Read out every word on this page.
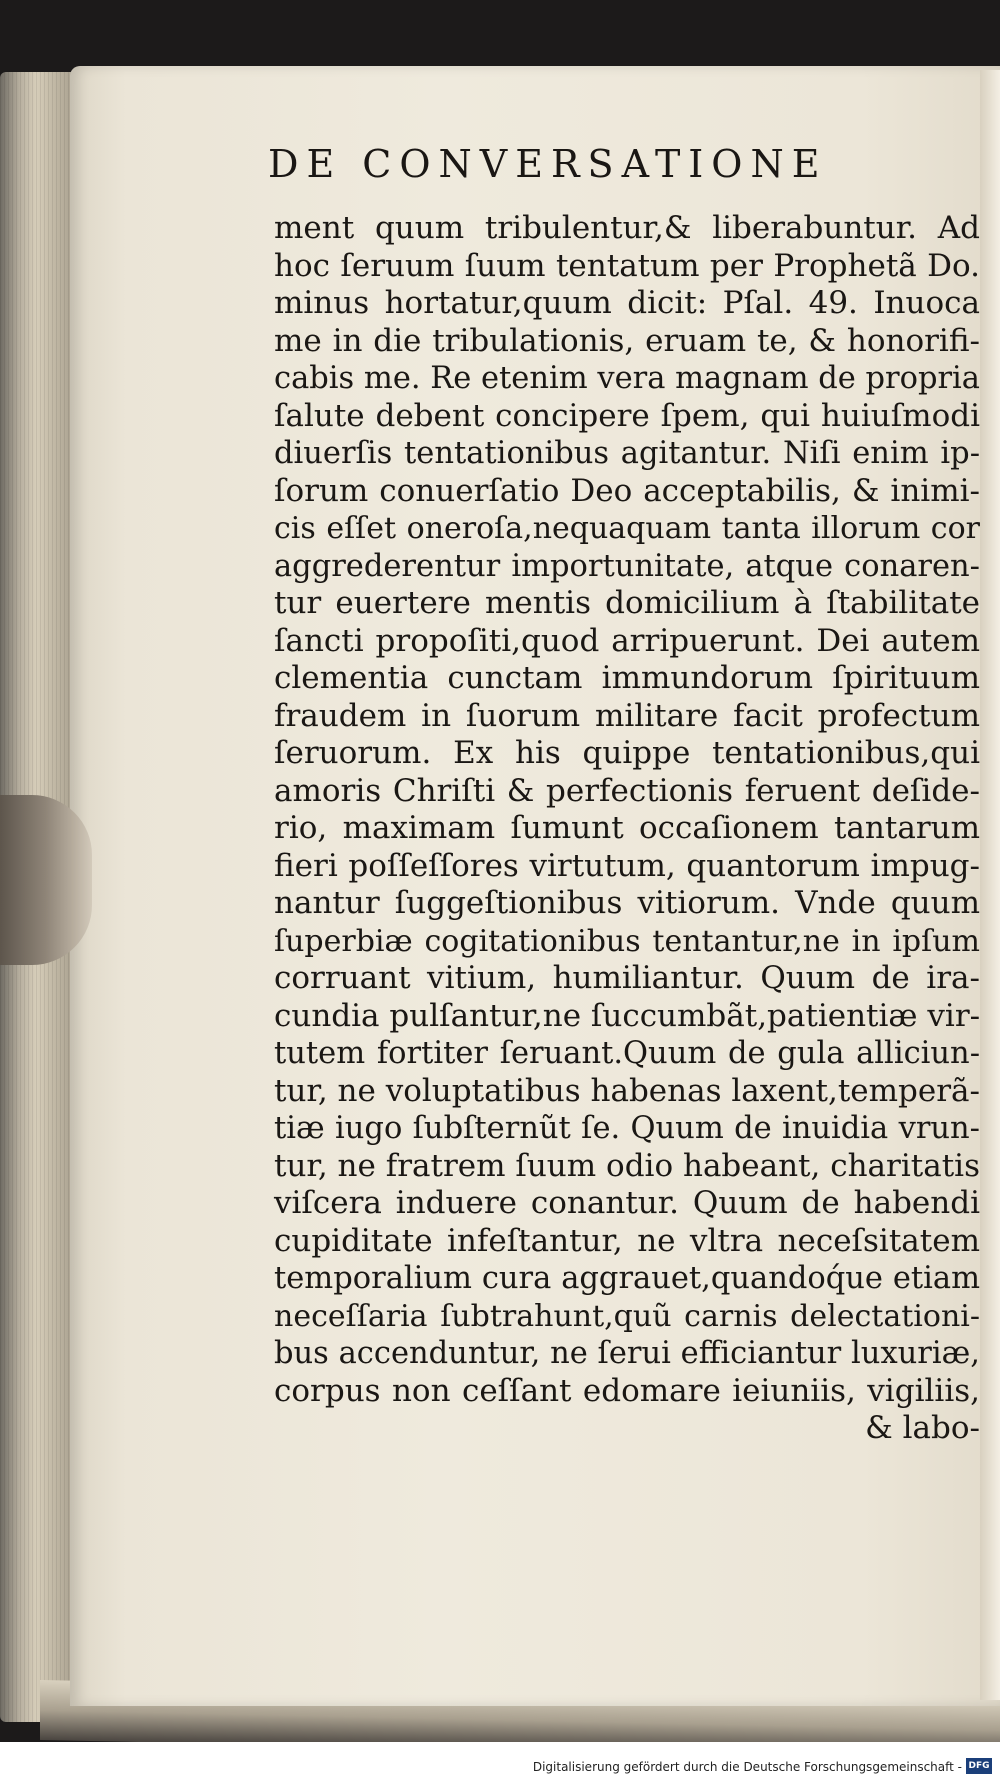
DE CONVERSATIONE
ment quum tribulentur,& liberabuntur. Ad
hoc ſeruum ſuum tentatum per Prophetã Do.
minus hortatur,quum dicit: Pſal. 49. Inuoca
me in die tribulationis, eruam te, & honorifi-
cabis me. Re etenim vera magnam de propria
ſalute debent concipere ſpem, qui huiuſmodi
diuerſis tentationibus agitantur. Niſi enim ip-
ſorum conuerſatio Deo acceptabilis, & inimi-
cis eſſet oneroſa,nequaquam tanta illorum cor
aggrederentur importunitate, atque conaren-
tur euertere mentis domicilium à ſtabilitate
ſancti propoſiti,quod arripuerunt. Dei autem
clementia cunctam immundorum ſpirituum
fraudem in ſuorum militare facit profectum
ſeruorum. Ex his quippe tentationibus,qui
amoris Chriſti & perfectionis feruent deſide-
rio, maximam ſumunt occaſionem tantarum
fieri poſſeſſores virtutum, quantorum impug-
nantur ſuggeſtionibus vitiorum. Vnde quum
ſuperbiæ cogitationibus tentantur,ne in ipſum
corruant vitium, humiliantur. Quum de ira-
cundia pulſantur,ne ſuccumbãt,patientiæ vir-
tutem fortiter ſeruant.Quum de gula alliciun-
tur, ne voluptatibus habenas laxent,temperã-
tiæ iugo ſubſternũt ſe. Quum de inuidia vrun-
tur, ne fratrem ſuum odio habeant, charitatis
viſcera induere conantur. Quum de habendi
cupiditate infeſtantur, ne vltra neceſsitatem
temporalium cura aggrauet,quandoq́ue etiam
neceſſaria ſubtrahunt,quũ carnis delectationi-
bus accenduntur, ne ſerui efficiantur luxuriæ,
corpus non ceſſant edomare ieiuniis, vigiliis,
& labo-
Digitalisierung gefördert durch die Deutsche Forschungsgemeinschaft - DFG
